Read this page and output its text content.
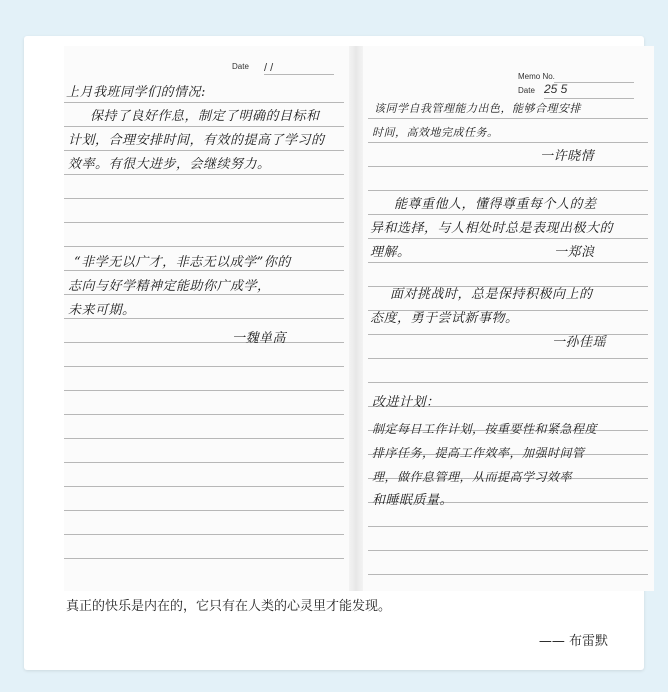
Date / /
上月我班同学们的情况:
保持了良好作息，制定了明确的目标和
计划，合理安排时间，有效的提高了学习的
效率。有很大进步，会继续努力。
“非学无以广才，非志无以成学”你的
志向与好学精神定能助你广成学，
未来可期。
一魏单高
Memo No.
Date 25 5
该同学自我管理能力出色，能够合理安排
时间，高效地完成任务。
一许晓情
能尊重他人，懂得尊重每个人的差
异和选择，与人相处时总是表现出极大的
理解。	一郑浪
面对挑战时，总是保持积极向上的
态度，勇于尝试新事物。
一孙佳瑶
改进计划：
制定每日工作计划，按重要性和紧急程度
排序任务，提高工作效率，加强时间管
理，做作息管理，从而提高学习效率
和睡眠质量。
真正的快乐是内在的，它只有在人类的心灵里才能发现。
—— 布雷默
